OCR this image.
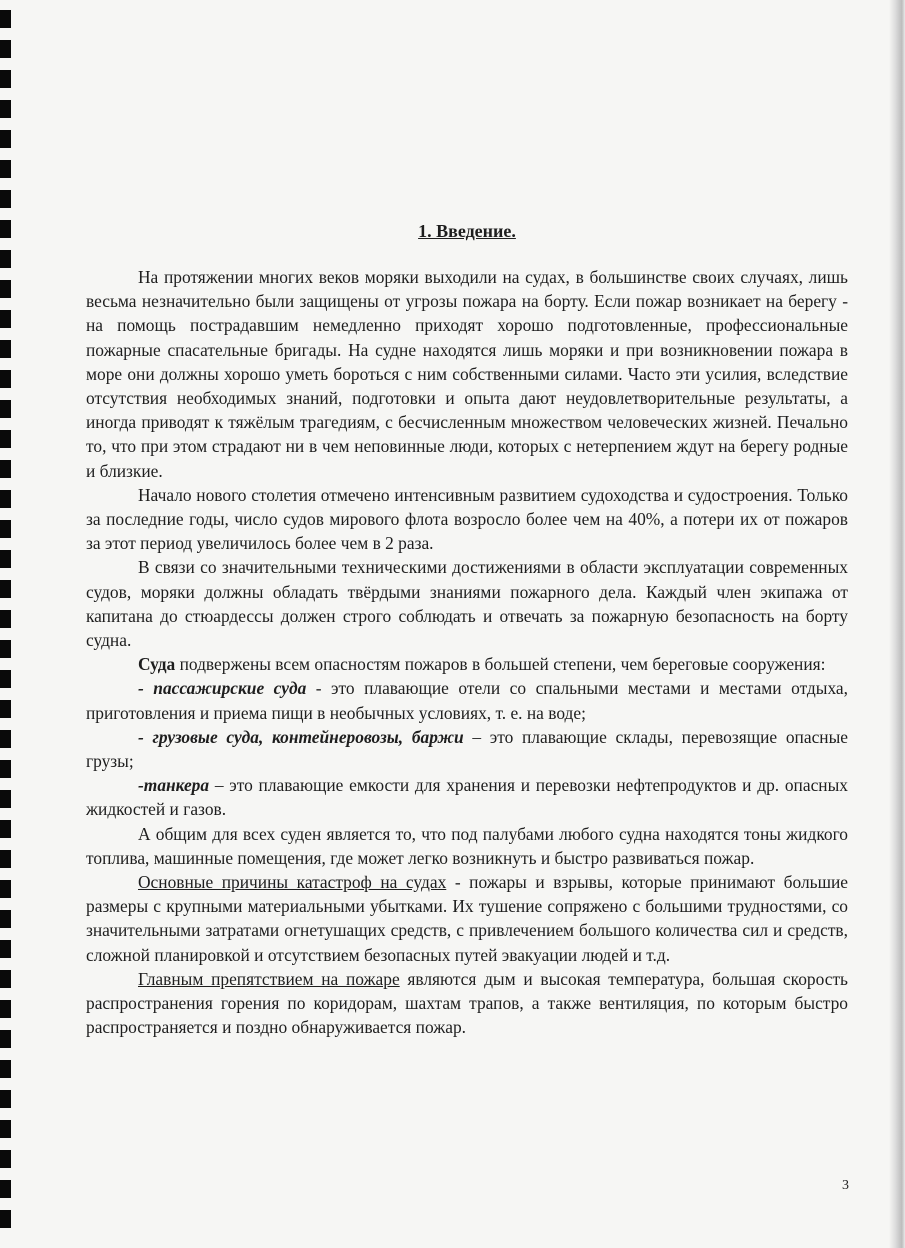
1. Введение.

На протяжении многих веков моряки выходили на судах, в большинстве своих случаях, лишь весьма незначительно были защищены от угрозы пожара на борту. Если пожар возникает на берегу - на помощь пострадавшим немедленно приходят хорошо подготовленные, профессиональные пожарные спасательные бригады. На судне находятся лишь моряки и при возникновении пожара в море они должны хорошо уметь бороться с ним собственными силами. Часто эти усилия, вследствие отсутствия необходимых знаний, подготовки и опыта дают неудовлетворительные результаты, а иногда приводят к тяжёлым трагедиям, с бесчисленным множеством человеческих жизней. Печально то, что при этом страдают ни в чем неповинные люди, которых с нетерпением ждут на берегу родные и близкие.

Начало нового столетия отмечено интенсивным развитием судоходства и судостроения. Только за последние годы, число судов мирового флота возросло более чем на 40%, а потери их от пожаров за этот период увеличилось более чем в 2 раза.

В связи со значительными техническими достижениями в области эксплуатации современных судов, моряки должны обладать твёрдыми знаниями пожарного дела. Каждый член экипажа от капитана до стюардессы должен строго соблюдать и отвечать за пожарную безопасность на борту судна.

Суда подвержены всем опасностям пожаров в большей степени, чем береговые сооружения:

- пассажирские суда - это плавающие отели со спальными местами и местами отдыха, приготовления и приема пищи в необычных условиях, т. е. на воде;

- грузовые суда, контейнеровозы, баржи – это плавающие склады, перевозящие опасные грузы;

-танкера – это плавающие емкости для хранения и перевозки нефтепродуктов и др. опасных жидкостей и газов.

А общим для всех суден является то, что под палубами любого судна находятся тоны жидкого топлива, машинные помещения, где может легко возникнуть и быстро развиваться пожар.

Основные причины катастроф на судах - пожары и взрывы, которые принимают большие размеры с крупными материальными убытками. Их тушение сопряжено с большими трудностями, со значительными затратами огнетушащих средств, с привлечением большого количества сил и средств, сложной планировкой и отсутствием безопасных путей эвакуации людей и т.д.

Главным препятствием на пожаре являются дым и высокая температура, большая скорость распространения горения по коридорам, шахтам трапов, а также вентиляция, по которым быстро распространяется и поздно обнаруживается пожар.

3
